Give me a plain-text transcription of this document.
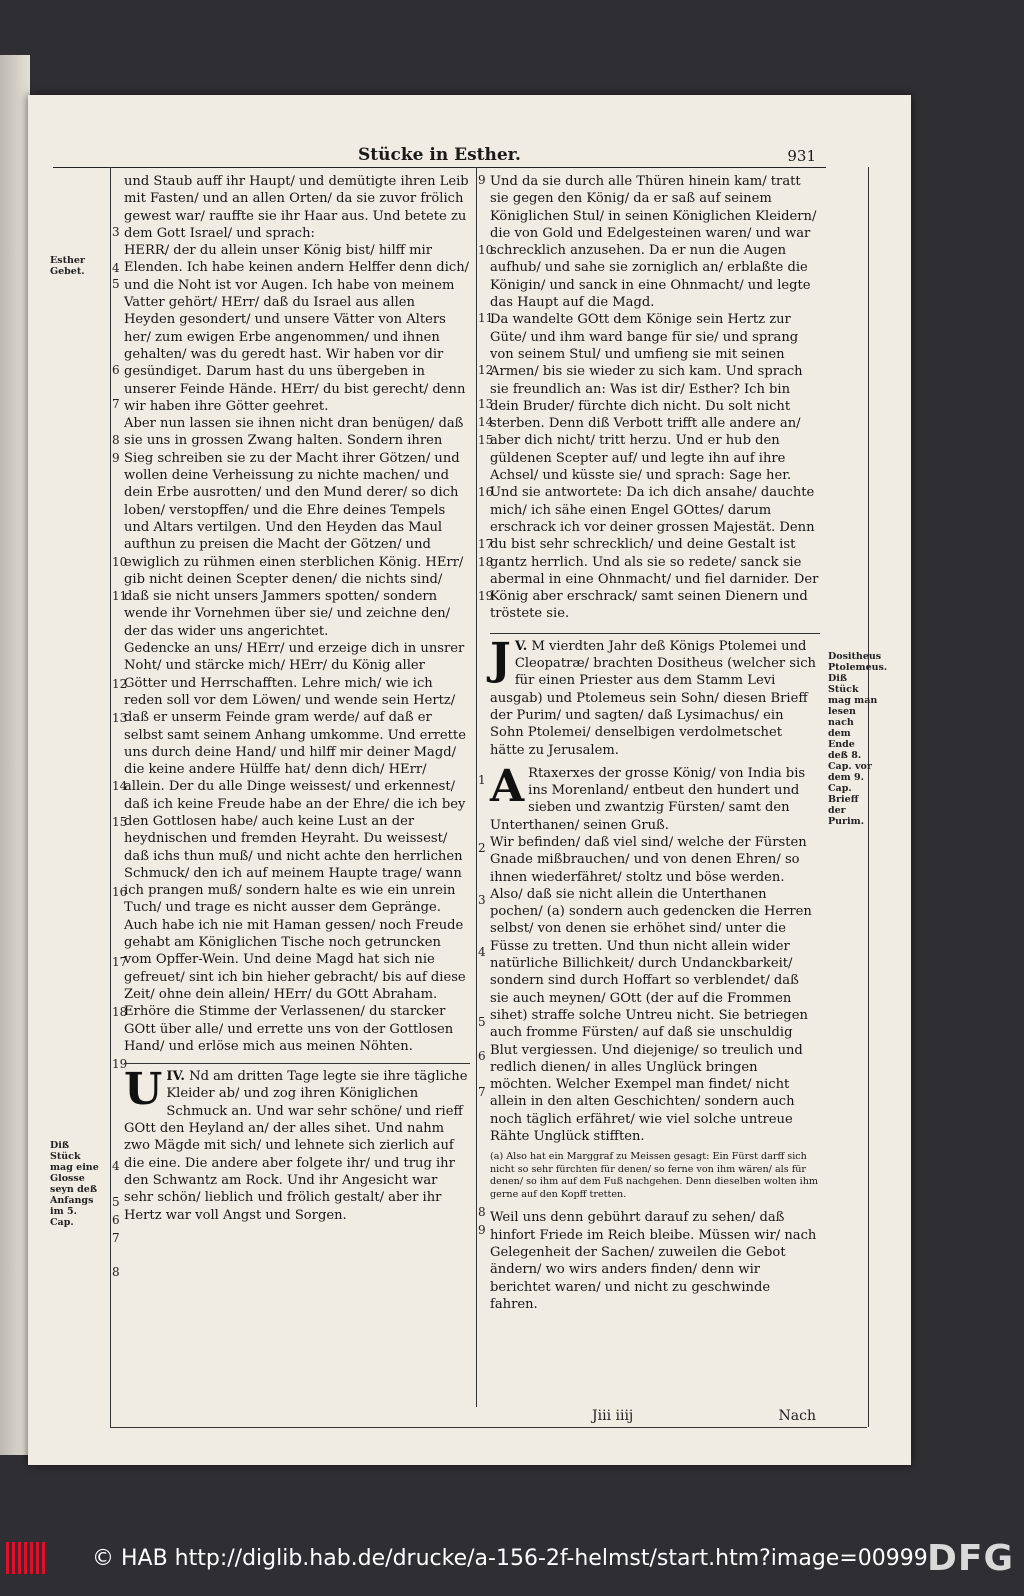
Stücke in Esther.	931
Esther Gebet.
Diß Stück mag eine Glosse seyn deß Anfangs im 5. Cap.
Dositheus Ptolemeus. Diß Stück mag man lesen nach dem Ende deß 8. Cap. vor dem 9. Cap. Brieff der Purim.
3
4
5
6
7
8
9
10
11
12
13
14
15
16
17
18
19
4
5
6
7
8
9
10
11
12
13
14
15
16
17
18
19
1
2
3
4
5
6
7
8
9

und Staub auff ihr Haupt/ und demütigte ihren Leib mit Fasten/ und an allen Orten/ da sie zuvor frölich gewest war/ rauffte sie ihr Haar aus. Und betete zu dem Gott Israel/ und sprach:

HERR/ der du allein unser König bist/ hilff mir Elenden. Ich habe keinen andern Helffer denn dich/ und die Noht ist vor Augen. Ich habe von meinem Vatter gehört/ HErr/ daß du Israel aus allen Heyden gesondert/ und unsere Vätter von Alters her/ zum ewigen Erbe angenommen/ und ihnen gehalten/ was du geredt hast. Wir haben vor dir gesündiget. Darum hast du uns übergeben in unserer Feinde Hände. HErr/ du bist gerecht/ denn wir haben ihre Götter geehret.

Aber nun lassen sie ihnen nicht dran benügen/ daß sie uns in grossen Zwang halten. Sondern ihren Sieg schreiben sie zu der Macht ihrer Götzen/ und wollen deine Verheissung zu nichte machen/ und dein Erbe ausrotten/ und den Mund derer/ so dich loben/ verstopffen/ und die Ehre deines Tempels und Altars vertilgen. Und den Heyden das Maul aufthun zu preisen die Macht der Götzen/ und ewiglich zu rühmen einen sterblichen König. HErr/ gib nicht deinen Scepter denen/ die nichts sind/ daß sie nicht unsers Jammers spotten/ sondern wende ihr Vornehmen über sie/ und zeichne den/ der das wider uns angerichtet.

Gedencke an uns/ HErr/ und erzeige dich in unsrer Noht/ und stärcke mich/ HErr/ du König aller Götter und Herrschafften. Lehre mich/ wie ich reden soll vor dem Löwen/ und wende sein Hertz/ daß er unserm Feinde gram werde/ auf daß er selbst samt seinem Anhang umkomme. Und errette uns durch deine Hand/ und hilff mir deiner Magd/ die keine andere Hülffe hat/ denn dich/ HErr/ allein. Der du alle Dinge weissest/ und erkennest/ daß ich keine Freude habe an der Ehre/ die ich bey den Gottlosen habe/ auch keine Lust an der heydnischen und fremden Heyraht. Du weissest/ daß ichs thun muß/ und nicht achte den herrlichen Schmuck/ den ich auf meinem Haupte trage/ wann ich prangen muß/ sondern halte es wie ein unrein Tuch/ und trage es nicht ausser dem Gepränge. Auch habe ich nie mit Haman gessen/ noch Freude gehabt am Königlichen Tische noch getruncken vom Opffer-Wein. Und deine Magd hat sich nie gefreuet/ sint ich bin hieher gebracht/ bis auf diese Zeit/ ohne dein allein/ HErr/ du GOtt Abraham. Erhöre die Stimme der Verlassenen/ du starcker GOtt über alle/ und errette uns von der Gottlosen Hand/ und erlöse mich aus meinen Nöhten.

IV.
U Nd am dritten Tage legte sie ihre tägliche Kleider ab/ und zog ihren Königlichen Schmuck an. Und war sehr schöne/ und rieff GOtt den Heyland an/ der alles sihet. Und nahm zwo Mägde mit sich/ und lehnete sich zierlich auf die eine. Die andere aber folgete ihr/ und trug ihr den Schwantz am Rock. Und ihr Angesicht war sehr schön/ lieblich und frölich gestalt/ aber ihr Hertz war voll Angst und Sorgen.

Und da sie durch alle Thüren hinein kam/ tratt sie gegen den König/ da er saß auf seinem Königlichen Stul/ in seinen Königlichen Kleidern/ die von Gold und Edelgesteinen waren/ und war schrecklich anzusehen. Da er nun die Augen aufhub/ und sahe sie zorniglich an/ erblaßte die Königin/ und sanck in eine Ohnmacht/ und legte das Haupt auf die Magd.

Da wandelte GOtt dem Könige sein Hertz zur Güte/ und ihm ward bange für sie/ und sprang von seinem Stul/ und umfieng sie mit seinen Armen/ bis sie wieder zu sich kam. Und sprach sie freundlich an: Was ist dir/ Esther? Ich bin dein Bruder/ fürchte dich nicht. Du solt nicht sterben. Denn diß Verbott trifft alle andere an/ aber dich nicht/ tritt herzu. Und er hub den güldenen Scepter auf/ und legte ihn auf ihre Achsel/ und küsste sie/ und sprach: Sage her. Und sie antwortete: Da ich dich ansahe/ dauchte mich/ ich sähe einen Engel GOttes/ darum erschrack ich vor deiner grossen Majestät. Denn du bist sehr schrecklich/ und deine Gestalt ist gantz herrlich. Und als sie so redete/ sanck sie abermal in eine Ohnmacht/ und fiel darnider. Der König aber erschrack/ samt seinen Dienern und tröstete sie.

V.
J M vierdten Jahr deß Königs Ptolemei und Cleopatræ/ brachten Dositheus (welcher sich für einen Priester aus dem Stamm Levi ausgab) und Ptolemeus sein Sohn/ diesen Brieff der Purim/ und sagten/ daß Lysimachus/ ein Sohn Ptolemei/ denselbigen verdolmetschet hätte zu Jerusalem.

A Rtaxerxes der grosse König/ von India bis ins Morenland/ entbeut den hundert und sieben und zwantzig Fürsten/ samt den Unterthanen/ seinen Gruß.

Wir befinden/ daß viel sind/ welche der Fürsten Gnade mißbrauchen/ und von denen Ehren/ so ihnen wiederfähret/ stoltz und böse werden. Also/ daß sie nicht allein die Unterthanen pochen/ (a) sondern auch gedencken die Herren selbst/ von denen sie erhöhet sind/ unter die Füsse zu tretten. Und thun nicht allein wider natürliche Billichkeit/ durch Undanckbarkeit/ sondern sind durch Hoffart so verblendet/ daß sie auch meynen/ GOtt (der auf die Frommen sihet) straffe solche Untreu nicht. Sie betriegen auch fromme Fürsten/ auf daß sie unschuldig Blut vergiessen. Und diejenige/ so treulich und redlich dienen/ in alles Unglück bringen möchten. Welcher Exempel man findet/ nicht allein in den alten Geschichten/ sondern auch noch täglich erfähret/ wie viel solche untreue Rähte Unglück stifften.

(a) Also hat ein Marggraf zu Meissen gesagt: Ein Fürst darff sich nicht so sehr fürchten für denen/ so ferne von ihm wären/ als für denen/ so ihm auf dem Fuß nachgehen. Denn dieselben wolten ihm gerne auf den Kopff tretten.

Weil uns denn gebührt darauf zu sehen/ daß hinfort Friede im Reich bleibe. Müssen wir/ nach Gelegenheit der Sachen/ zuweilen die Gebot ändern/ wo wirs anders finden/ denn wir berichtet waren/ und nicht zu geschwinde fahren.

Jiii iiij	Nach
© HAB http://diglib.hab.de/drucke/a-156-2f-helmst/start.htm?image=00999 DFG
